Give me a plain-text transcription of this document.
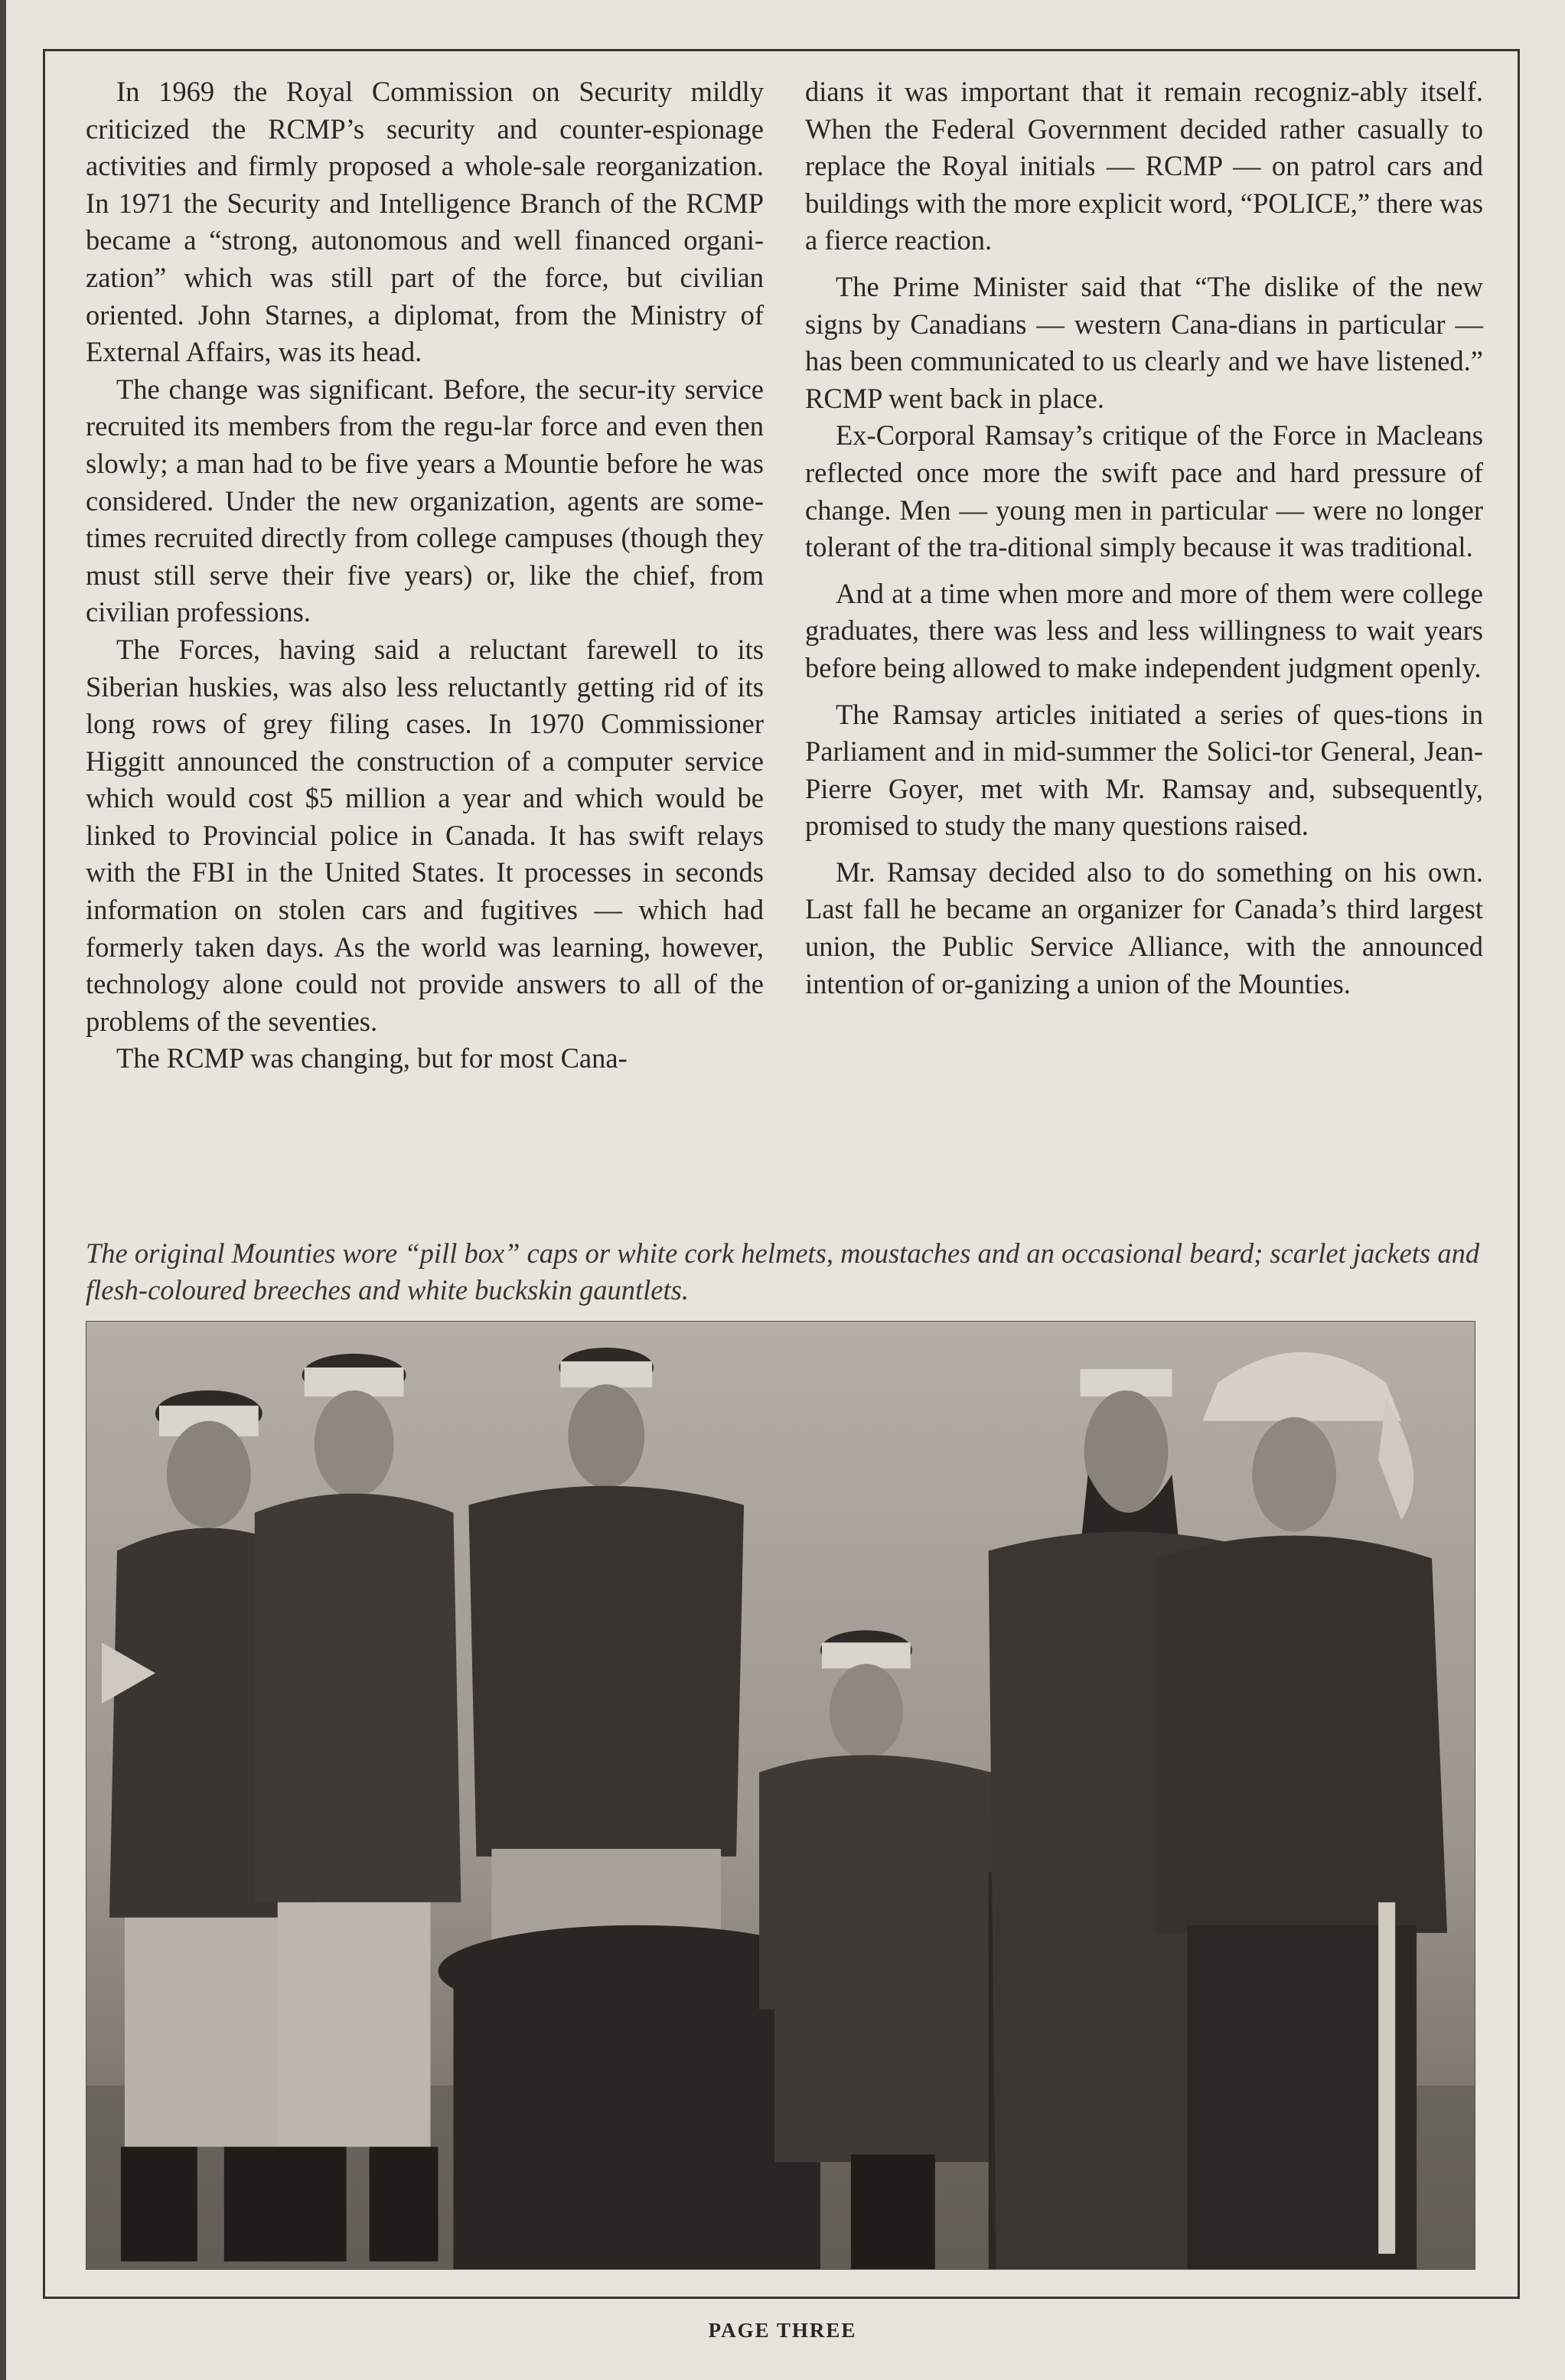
In 1969 the Royal Commission on Security mildly criticized the RCMP’s security and counter-espionage activities and firmly proposed a whole-sale reorganization. In 1971 the Security and Intelligence Branch of the RCMP became a “strong, autonomous and well financed organi-zation” which was still part of the force, but civilian oriented. John Starnes, a diplomat, from the Ministry of External Affairs, was its head.

The change was significant. Before, the secur-ity service recruited its members from the regu-lar force and even then slowly; a man had to be five years a Mountie before he was considered. Under the new organization, agents are some-times recruited directly from college campuses (though they must still serve their five years) or, like the chief, from civilian professions.

The Forces, having said a reluctant farewell to its Siberian huskies, was also less reluctantly getting rid of its long rows of grey filing cases. In 1970 Commissioner Higgitt announced the construction of a computer service which would cost $5 million a year and which would be linked to Provincial police in Canada. It has swift relays with the FBI in the United States. It processes in seconds information on stolen cars and fugitives — which had formerly taken days. As the world was learning, however, technology alone could not provide answers to all of the problems of the seventies.

The RCMP was changing, but for most Cana-

dians it was important that it remain recogniz-ably itself. When the Federal Government decided rather casually to replace the Royal initials — RCMP — on patrol cars and buildings with the more explicit word, “POLICE,” there was a fierce reaction.

The Prime Minister said that “The dislike of the new signs by Canadians — western Cana-dians in particular — has been communicated to us clearly and we have listened.” RCMP went back in place.

Ex-Corporal Ramsay’s critique of the Force in Macleans reflected once more the swift pace and hard pressure of change. Men — young men in particular — were no longer tolerant of the tra-ditional simply because it was traditional.

And at a time when more and more of them were college graduates, there was less and less willingness to wait years before being allowed to make independent judgment openly.

The Ramsay articles initiated a series of ques-tions in Parliament and in mid-summer the Solici-tor General, Jean-Pierre Goyer, met with Mr. Ramsay and, subsequently, promised to study the many questions raised.

Mr. Ramsay decided also to do something on his own. Last fall he became an organizer for Canada’s third largest union, the Public Service Alliance, with the announced intention of or-ganizing a union of the Mounties.

The original Mounties wore “pill box” caps or white cork helmets, moustaches and an occasional beard; scarlet jackets and flesh-coloured breeches and white buckskin gauntlets.

PAGE THREE
